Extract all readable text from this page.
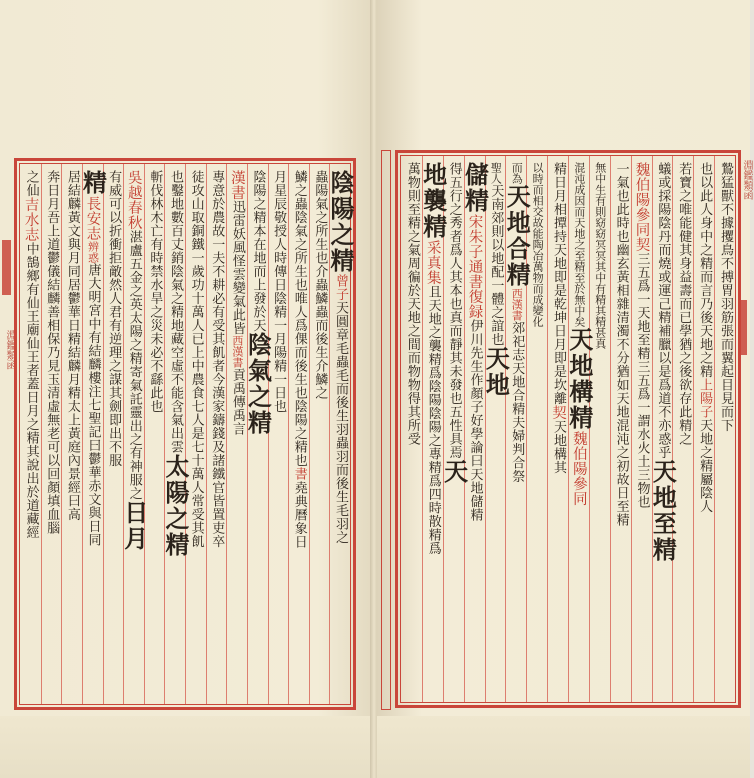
淵鑑類函
陰陽之精曾子天圓章毛蟲毛而後生羽蟲羽而後生毛羽之
蟲陽氣之所生也介蟲鱗蟲而後生介鱗之
鱗之蟲陰氣之所生也唯人爲倮而後生也陰陽之精也書堯典曆象日
月星辰敬授人時傳日陰精一月陽精一日也
陰陽之精本在地而上發於天陰氣之精
漢書迅雷妖風怪雲變氣此皆西漢書貢禹傳禹言
專意於農故一夫不耕必有受其飢者今漢家鑄錢及諸鐵官皆置吏卒
徒攻山取銅鐵一歲功十萬人已上中農食七人是七十萬人常受其飢
也鑿地數百丈銷陰氣之精地藏空虛不能含氣出雲太陽之精
斬伐林木亡有時禁水旱之災未必不繇此也
吳越春秋湛盧五金之英太陽之精寄氣託靈出之有神服之日月
有威可以折衝拒敵然人君有逆理之謀其劍即出不服
精長安志辨惑唐大明宮中有結麟樓注七聖記曰鬱華赤文與日同
居結麟黃文與月同居鬱華日精結麟月精太上黃庭內景經曰高
奔日月吾上道鬱儀結麟善相保乃見玉清虛無老可以回顏填血腦
之仙吉水志中鵠鄉有仙王廟仙王者蓋日月之精其說出於道藏經	鷙猛獸不據攫鳥不搏胃羽筋張而翼起目見而下
也以此人身中之精而言乃後天地之精上陽子天地之精屬陰人
若寶之唯能健其身益壽而已學猶之後欲存此精之
蟻或採陽陰丹而燒或運己精補臘以是爲道不亦惑乎天地至精
魏伯陽參同契三五爲一天地至精三五爲一謂水火土三物也
一氣也此時也幽玄黃相雜清濁不分猶如天地混沌之初故日至精
無中生有則窈窈冥冥其中有精其精甚真
混沌成因而天地之至精至於無中矣天地構精魏伯陽參同
精日月相撢持天地即是乾坤日月即是坎離契天地構其
以時而相交故能陶冶萬物而成變化
而為天地合精西漢書郊祀志天地合精夫婦判合祭
聖人天南郊則以地配一體之誼也天地
儲精宋朱子通書復録伊川先生作顏子好學論曰天地儲精
得五行之秀者爲人其本也真而靜其未發也五性具焉天
地襲精采真集且天地之襲精爲陰陽陰陽之專精爲四時散精爲
萬物則至精之氣周徧於天地之間而物物得其所受	淵鑑類函
